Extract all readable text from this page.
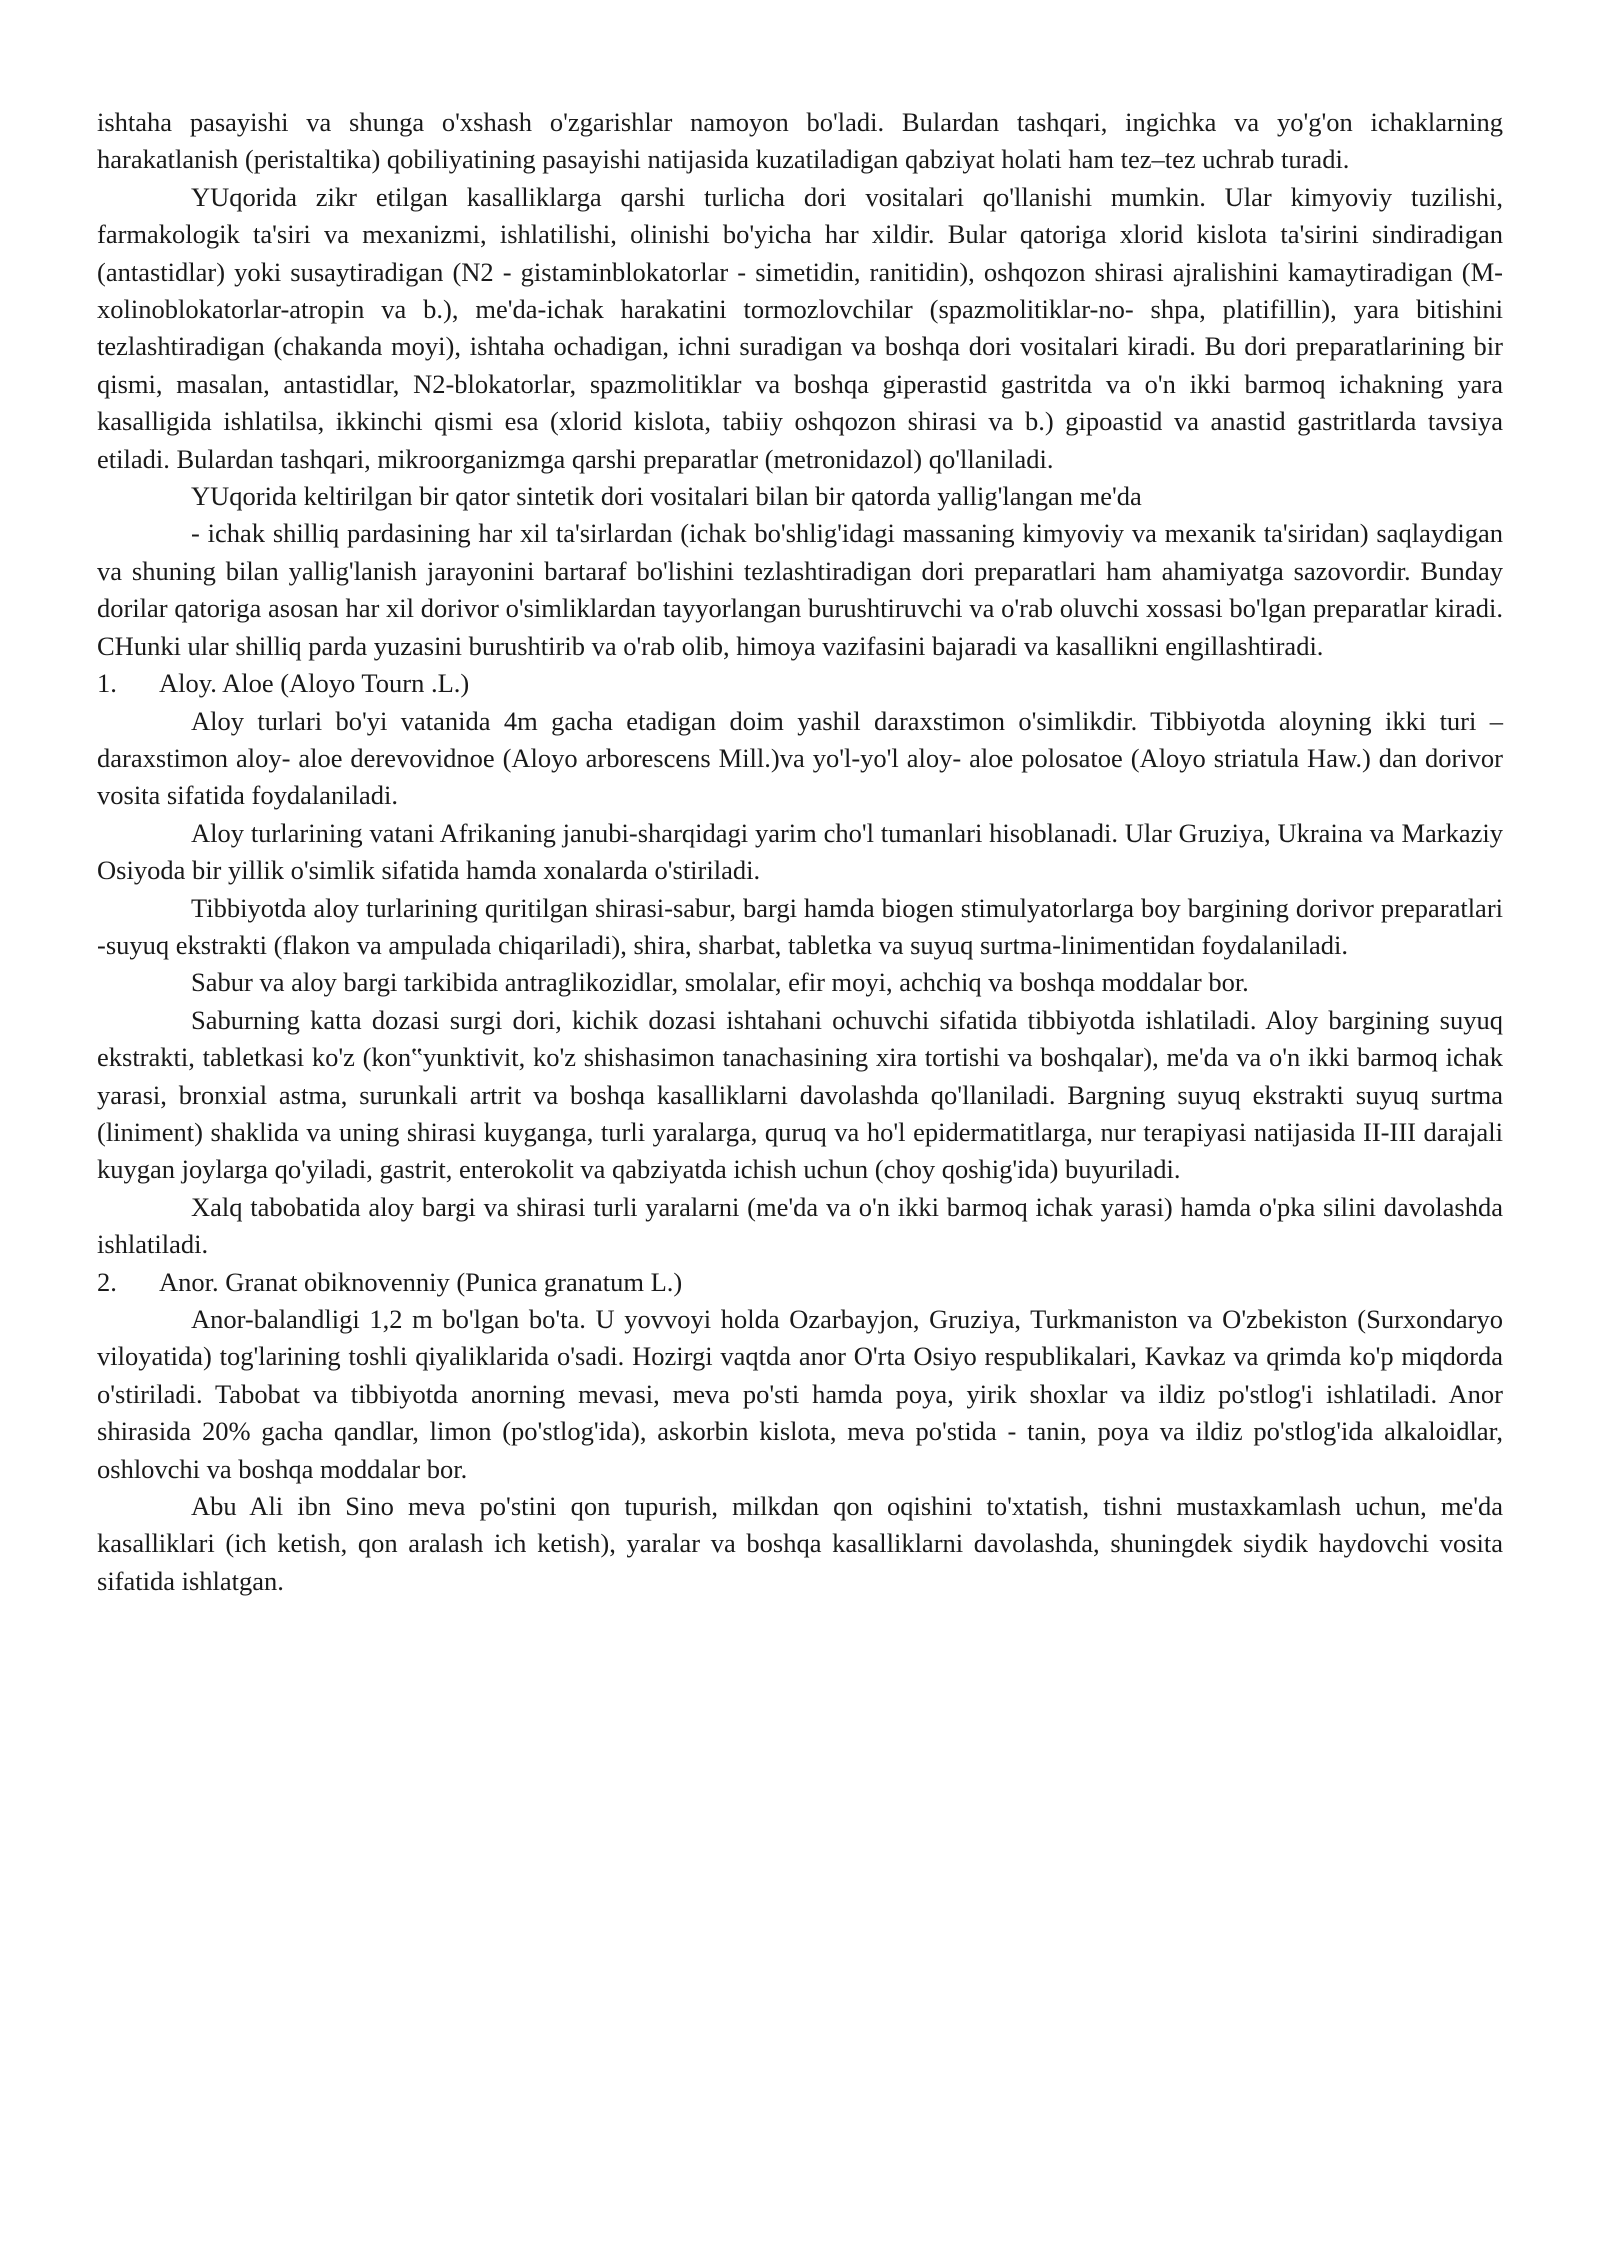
ishtaha pasayishi va shunga o'xshash o'zgarishlar namoyon bo'ladi. Bulardan tashqari, ingichka va yo'g'on ichaklarning harakatlanish (peristaltika) qobiliyatining pasayishi natijasida kuzatiladigan qabziyat holati ham tez–tez uchrab turadi.

YUqorida zikr etilgan kasalliklarga qarshi turlicha dori vositalari qo'llanishi mumkin. Ular kimyoviy tuzilishi, farmakologik ta'siri va mexanizmi, ishlatilishi, olinishi bo'yicha har xildir. Bular qatoriga xlorid kislota ta'sirini sindiradigan (antastidlar) yoki susaytiradigan (N2 - gistaminblokatorlar - simetidin, ranitidin), oshqozon shirasi ajralishini kamaytiradigan (M- xolinoblokatorlar-atropin va b.), me'da-ichak harakatini tormozlovchilar (spazmolitiklar-no- shpa, platifillin), yara bitishini tezlashtiradigan (chakanda moyi), ishtaha ochadigan, ichni suradigan va boshqa dori vositalari kiradi. Bu dori preparatlarining bir qismi, masalan, antastidlar, N2-blokatorlar, spazmolitiklar va boshqa giperastid gastritda va o'n ikki barmoq ichakning yara kasalligida ishlatilsa, ikkinchi qismi esa (xlorid kislota, tabiiy oshqozon shirasi va b.) gipoastid va anastid gastritlarda tavsiya etiladi. Bulardan tashqari, mikroorganizmga qarshi preparatlar (metronidazol) qo'llaniladi.

YUqorida keltirilgan bir qator sintetik dori vositalari bilan bir qatorda yallig'langan me'da

- ichak shilliq pardasining har xil ta'sirlardan (ichak bo'shlig'idagi massaning kimyoviy va mexanik ta'siridan) saqlaydigan va shuning bilan yallig'lanish jarayonini bartaraf bo'lishini tezlashtiradigan dori preparatlari ham ahamiyatga sazovordir. Bunday dorilar qatoriga asosan har xil dorivor o'simliklardan tayyorlangan burushtiruvchi va o'rab oluvchi xossasi bo'lgan preparatlar kiradi. CHunki ular shilliq parda yuzasini burushtirib va o'rab olib, himoya vazifasini bajaradi va kasallikni engillashtiradi.

1. Aloy. Aloe (Aloyo Tourn .L.)

Aloy turlari bo'yi vatanida 4m gacha etadigan doim yashil daraxstimon o'simlikdir. Tibbiyotda aloyning ikki turi –daraxstimon aloy- aloe derevovidnoe (Aloyo arborescens Mill.)va yo'l-yo'l aloy- aloe polosatoe (Aloyo striatula Haw.) dan dorivor vosita sifatida foydalaniladi.

Aloy turlarining vatani Afrikaning janubi-sharqidagi yarim cho'l tumanlari hisoblanadi. Ular Gruziya, Ukraina va Markaziy Osiyoda bir yillik o'simlik sifatida hamda xonalarda o'stiriladi.

Tibbiyotda aloy turlarining quritilgan shirasi-sabur, bargi hamda biogen stimulyatorlarga boy bargining dorivor preparatlari -suyuq ekstrakti (flakon va ampulada chiqariladi), shira, sharbat, tabletka va suyuq surtma-linimentidan foydalaniladi.

Sabur va aloy bargi tarkibida antraglikozidlar, smolalar, efir moyi, achchiq va boshqa moddalar bor.

Saburning katta dozasi surgi dori, kichik dozasi ishtahani ochuvchi sifatida tibbiyotda ishlatiladi. Aloy bargining suyuq ekstrakti, tabletkasi ko'z (kon‟yunktivit, ko'z shishasimon tanachasining xira tortishi va boshqalar), me'da va o'n ikki barmoq ichak yarasi, bronxial astma, surunkali artrit va boshqa kasalliklarni davolashda qo'llaniladi. Bargning suyuq ekstrakti suyuq surtma (liniment) shaklida va uning shirasi kuyganga, turli yaralarga, quruq va ho'l epidermatitlarga, nur terapiyasi natijasida II-III darajali kuygan joylarga qo'yiladi, gastrit, enterokolit va qabziyatda ichish uchun (choy qoshig'ida) buyuriladi.

Xalq tabobatida aloy bargi va shirasi turli yaralarni (me'da va o'n ikki barmoq ichak yarasi) hamda o'pka silini davolashda ishlatiladi.

2. Anor. Granat obiknovenniy (Punica granatum L.)

Anor-balandligi 1,2 m bo'lgan bo'ta. U yovvoyi holda Ozarbayjon, Gruziya, Turkmaniston va O'zbekiston (Surxondaryo viloyatida) tog'larining toshli qiyaliklarida o'sadi. Hozirgi vaqtda anor O'rta Osiyo respublikalari, Kavkaz va qrimda ko'p miqdorda o'stiriladi. Tabobat va tibbiyotda anorning mevasi, meva po'sti hamda poya, yirik shoxlar va ildiz po'stlog'i ishlatiladi. Anor shirasida 20% gacha qandlar, limon (po'stlog'ida), askorbin kislota, meva po'stida - tanin, poya va ildiz po'stlog'ida alkaloidlar, oshlovchi va boshqa moddalar bor.

Abu Ali ibn Sino meva po'stini qon tupurish, milkdan qon oqishini to'xtatish, tishni mustaxkamlash uchun, me'da kasalliklari (ich ketish, qon aralash ich ketish), yaralar va boshqa kasalliklarni davolashda, shuningdek siydik haydovchi vosita sifatida ishlatgan.
